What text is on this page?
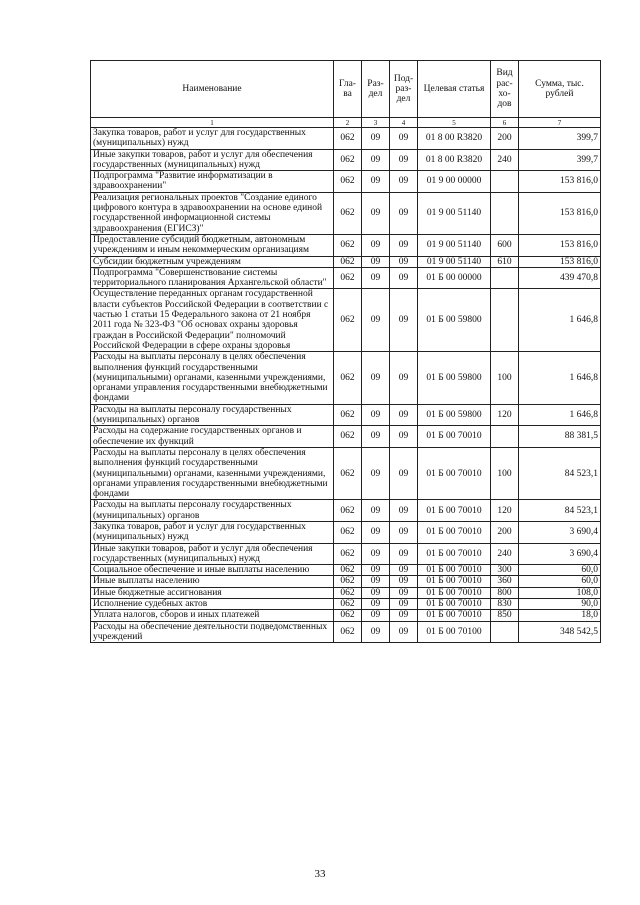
Наименование	Гла-ва	Раз-дел	Под-раз-дел	Целевая статья	Вид рас-хо-дов	Сумма, тыс. рублей
1	2	3	4	5	6	7
Закупка товаров, работ и услуг для государственных (муниципальных) нужд	062	09	09	01 8 00 R3820	200	399,7
Иные закупки товаров, работ и услуг для обеспечения государственных (муниципальных) нужд	062	09	09	01 8 00 R3820	240	399,7
Подпрограмма "Развитие информатизации в здравоохранении"	062	09	09	01 9 00 00000		153 816,0
Реализация региональных проектов "Создание единого цифрового контура в здравоохранении на основе единой государственной информационной системы здравоохранения (ЕГИСЗ)"	062	09	09	01 9 00 51140		153 816,0
Предоставление субсидий бюджетным, автономным учреждениям и иным некоммерческим организациям	062	09	09	01 9 00 51140	600	153 816,0
Субсидии бюджетным учреждениям	062	09	09	01 9 00 51140	610	153 816,0
Подпрограмма "Совершенствование системы территориального планирования Архангельской области"	062	09	09	01 Б 00 00000		439 470,8
Осуществление переданных органам государственной власти субъектов Российской Федерации в соответствии с частью 1 статьи 15 Федерального закона от 21 ноября 2011 года № 323-ФЗ "Об основах охраны здоровья граждан в Российской Федерации" полномочий Российской Федерации в сфере охраны здоровья	062	09	09	01 Б 00 59800		1 646,8
Расходы на выплаты персоналу в целях обеспечения выполнения функций государственными (муниципальными) органами, казенными учреждениями, органами управления государственными внебюджетными фондами	062	09	09	01 Б 00 59800	100	1 646,8
Расходы на выплаты персоналу государственных (муниципальных) органов	062	09	09	01 Б 00 59800	120	1 646,8
Расходы на содержание государственных органов и обеспечение их функций	062	09	09	01 Б 00 70010		88 381,5
Расходы на выплаты персоналу в целях обеспечения выполнения функций государственными (муниципальными) органами, казенными учреждениями, органами управления государственными внебюджетными фондами	062	09	09	01 Б 00 70010	100	84 523,1
Расходы на выплаты персоналу государственных (муниципальных) органов	062	09	09	01 Б 00 70010	120	84 523,1
Закупка товаров, работ и услуг для государственных (муниципальных) нужд	062	09	09	01 Б 00 70010	200	3 690,4
Иные закупки товаров, работ и услуг для обеспечения государственных (муниципальных) нужд	062	09	09	01 Б 00 70010	240	3 690,4
Социальное обеспечение и иные выплаты населению	062	09	09	01 Б 00 70010	300	60,0
Иные выплаты населению	062	09	09	01 Б 00 70010	360	60,0
Иные бюджетные ассигнования	062	09	09	01 Б 00 70010	800	108,0
Исполнение судебных актов	062	09	09	01 Б 00 70010	830	90,0
Уплата налогов, сборов и иных платежей	062	09	09	01 Б 00 70010	850	18,0
Расходы на обеспечение деятельности подведомственных учреждений	062	09	09	01 Б 00 70100		348 542,5
33
